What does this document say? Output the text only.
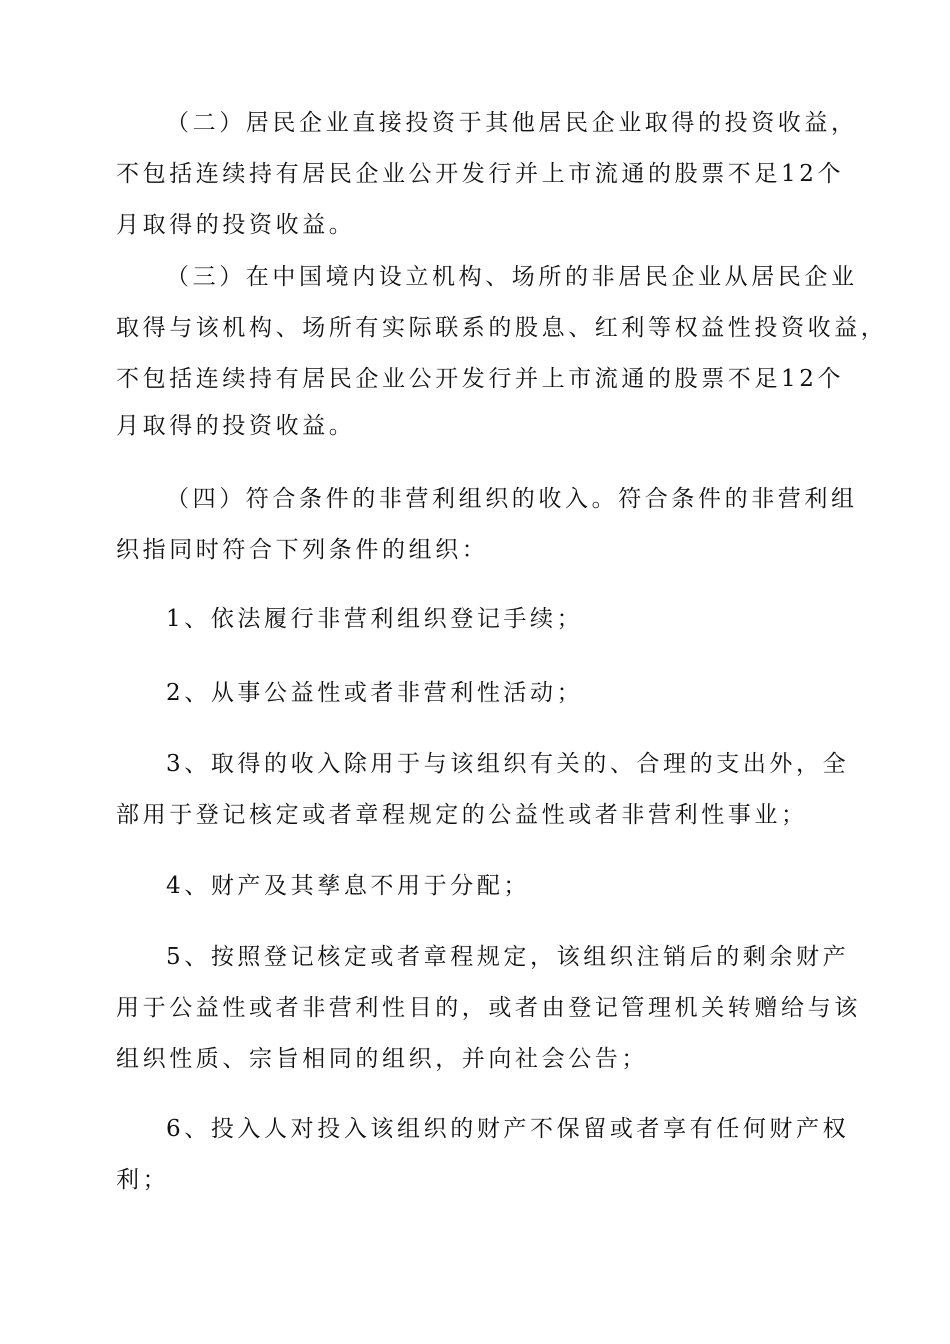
（二）居民企业直接投资于其他居民企业取得的投资收益，

不包括连续持有居民企业公开发行并上市流通的股票不足12个

月取得的投资收益。

（三）在中国境内设立机构、场所的非居民企业从居民企业

取得与该机构、场所有实际联系的股息、红利等权益性投资收益，

不包括连续持有居民企业公开发行并上市流通的股票不足12个

月取得的投资收益。

（四）符合条件的非营利组织的收入。符合条件的非营利组

织指同时符合下列条件的组织：

1、依法履行非营利组织登记手续；

2、从事公益性或者非营利性活动；

3、取得的收入除用于与该组织有关的、合理的支出外，全

部用于登记核定或者章程规定的公益性或者非营利性事业；

4、财产及其孳息不用于分配；

5、按照登记核定或者章程规定，该组织注销后的剩余财产

用于公益性或者非营利性目的，或者由登记管理机关转赠给与该

组织性质、宗旨相同的组织，并向社会公告；

6、投入人对投入该组织的财产不保留或者享有任何财产权

利；
